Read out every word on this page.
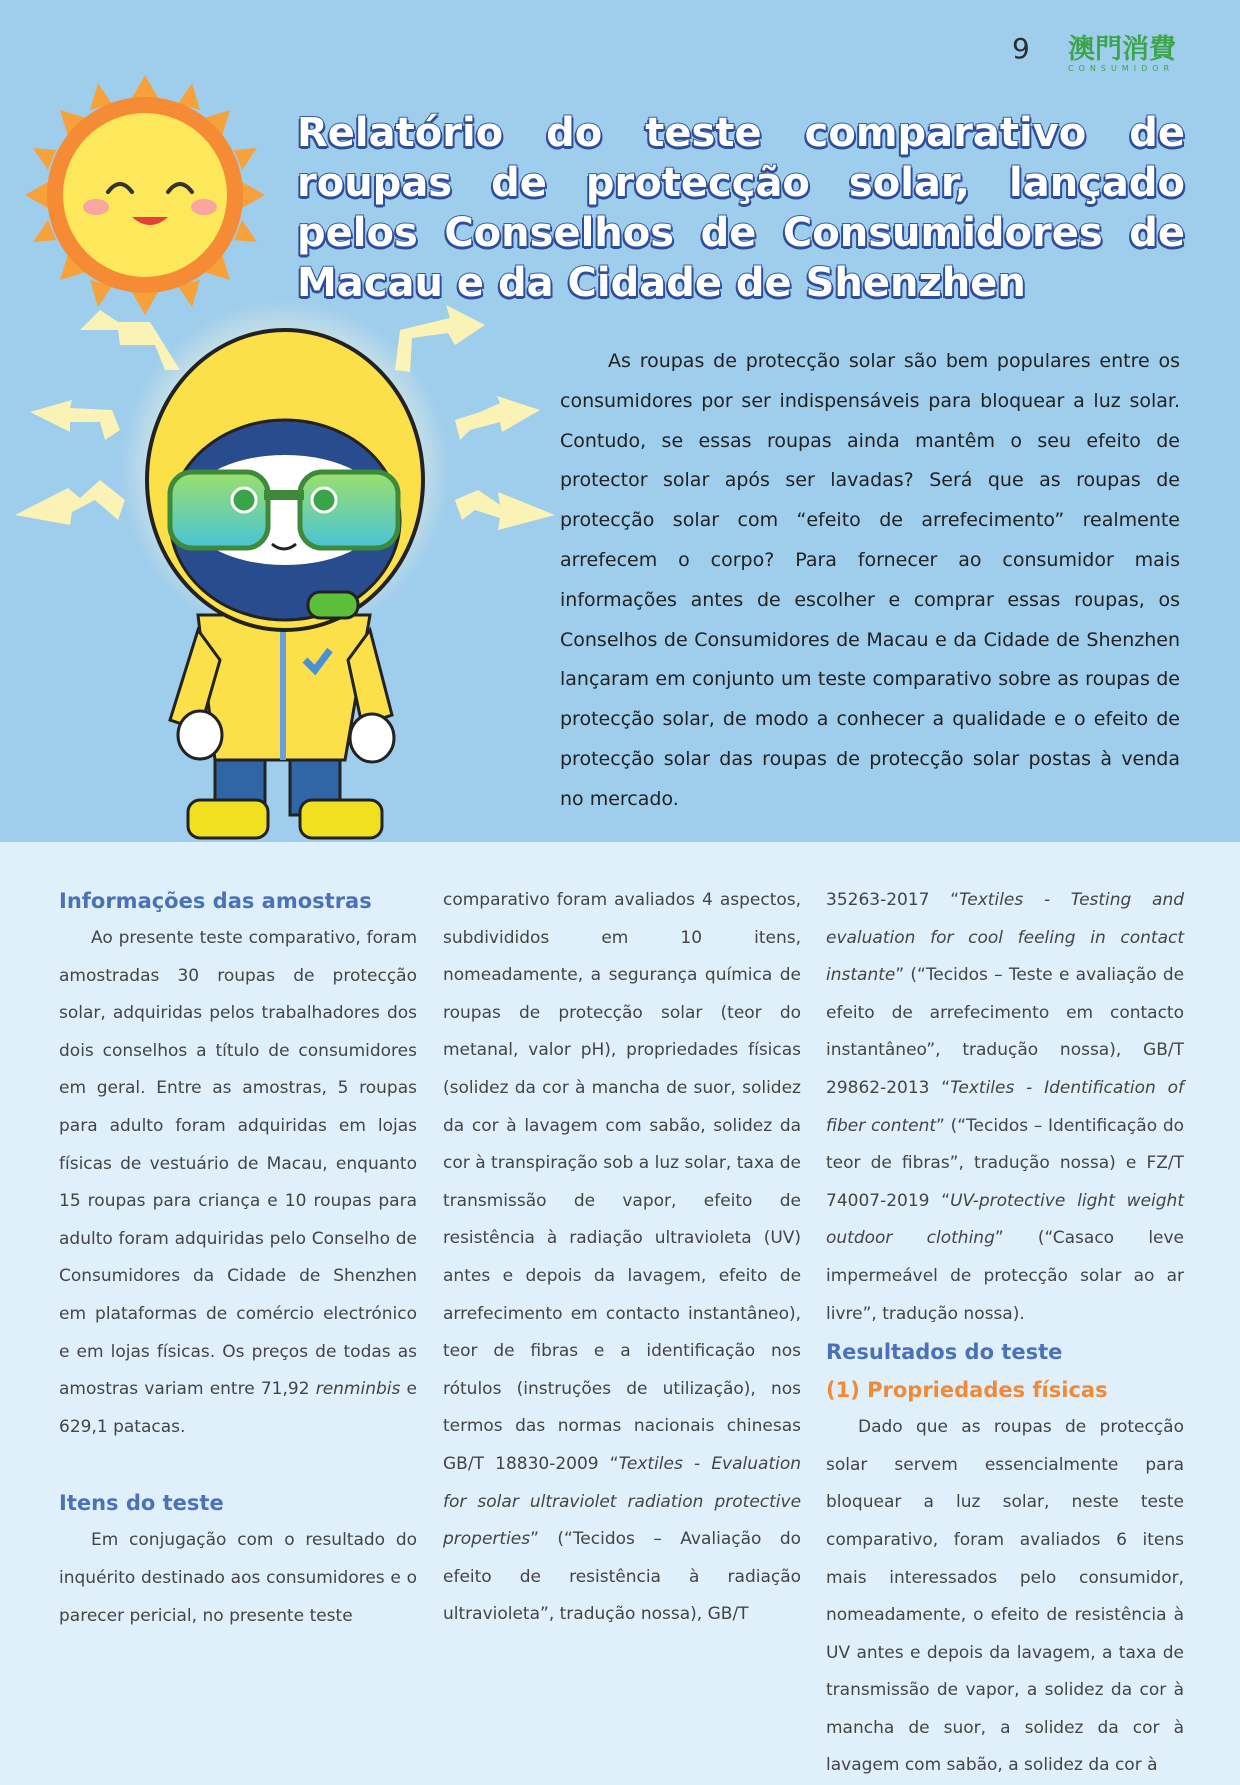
9 澳門消費
CONSUMIDOR
Relatório do teste comparativo de roupas de protecção solar, lançado pelos Conselhos de Consumidores de Macau e da Cidade de Shenzhen

As roupas de protecção solar são bem populares entre os consumidores por ser indispensáveis para bloquear a luz solar. Contudo, se essas roupas ainda mantêm o seu efeito de protector solar após ser lavadas? Será que as roupas de protecção solar com “efeito de arrefecimento” realmente arrefecem o corpo? Para fornecer ao consumidor mais informações antes de escolher e comprar essas roupas, os Conselhos de Consumidores de Macau e da Cidade de Shenzhen lançaram em conjunto um teste comparativo sobre as roupas de protecção solar, de modo a conhecer a qualidade e o efeito de protecção solar das roupas de protecção solar postas à venda no mercado.

Informações das amostras

Ao presente teste comparativo, foram amostradas 30 roupas de protecção solar, adquiridas pelos trabalhadores dos dois conselhos a título de consumidores em geral. Entre as amostras, 5 roupas para adulto foram adquiridas em lojas físicas de vestuário de Macau, enquanto 15 roupas para criança e 10 roupas para adulto foram adquiridas pelo Conselho de Consumidores da Cidade de Shenzhen em plataformas de comércio electrónico e em lojas físicas. Os preços de todas as amostras variam entre 71,92 renminbis e 629,1 patacas.

Itens do teste

Em conjugação com o resultado do inquérito destinado aos consumidores e o parecer pericial, no presente teste

comparativo foram avaliados 4 aspectos, subdivididos	em	10	itens, nomeadamente, a segurança química de roupas de protecção solar (teor do metanal, valor pH), propriedades físicas (solidez da cor à mancha de suor, solidez da cor à lavagem com sabão, solidez da cor à transpiração sob a luz solar, taxa de transmissão de vapor, efeito de resistência à radiação ultravioleta (UV) antes e depois da lavagem, efeito de arrefecimento em contacto instantâneo), teor de fibras e a identificação nos rótulos (instruções de utilização), nos termos das normas nacionais chinesas GB/T 18830-2009 “Textiles - Evaluation for solar ultraviolet radiation protective properties” (“Tecidos – Avaliação do efeito de resistência à radiação ultravioleta”, tradução nossa), GB/T

35263-2017 “Textiles - Testing and evaluation for cool feeling in contact instante” (“Tecidos – Teste e avaliação de efeito de arrefecimento em contacto instantâneo”, tradução nossa), GB/T 29862-2013 “Textiles - Identification of fiber content” (“Tecidos – Identificação do teor de fibras”, tradução nossa) e FZ/T 74007-2019 “UV-protective light weight outdoor clothing” (“Casaco leve impermeável de protecção solar ao ar livre”, tradução nossa).

Resultados do teste
(1) Propriedades físicas

Dado que as roupas de protecção solar servem essencialmente para bloquear a luz solar, neste teste comparativo, foram avaliados 6 itens mais interessados pelo consumidor, nomeadamente, o efeito de resistência à UV antes e depois da lavagem, a taxa de transmissão de vapor, a solidez da cor à mancha de suor, a solidez da cor à lavagem com sabão, a solidez da cor à
